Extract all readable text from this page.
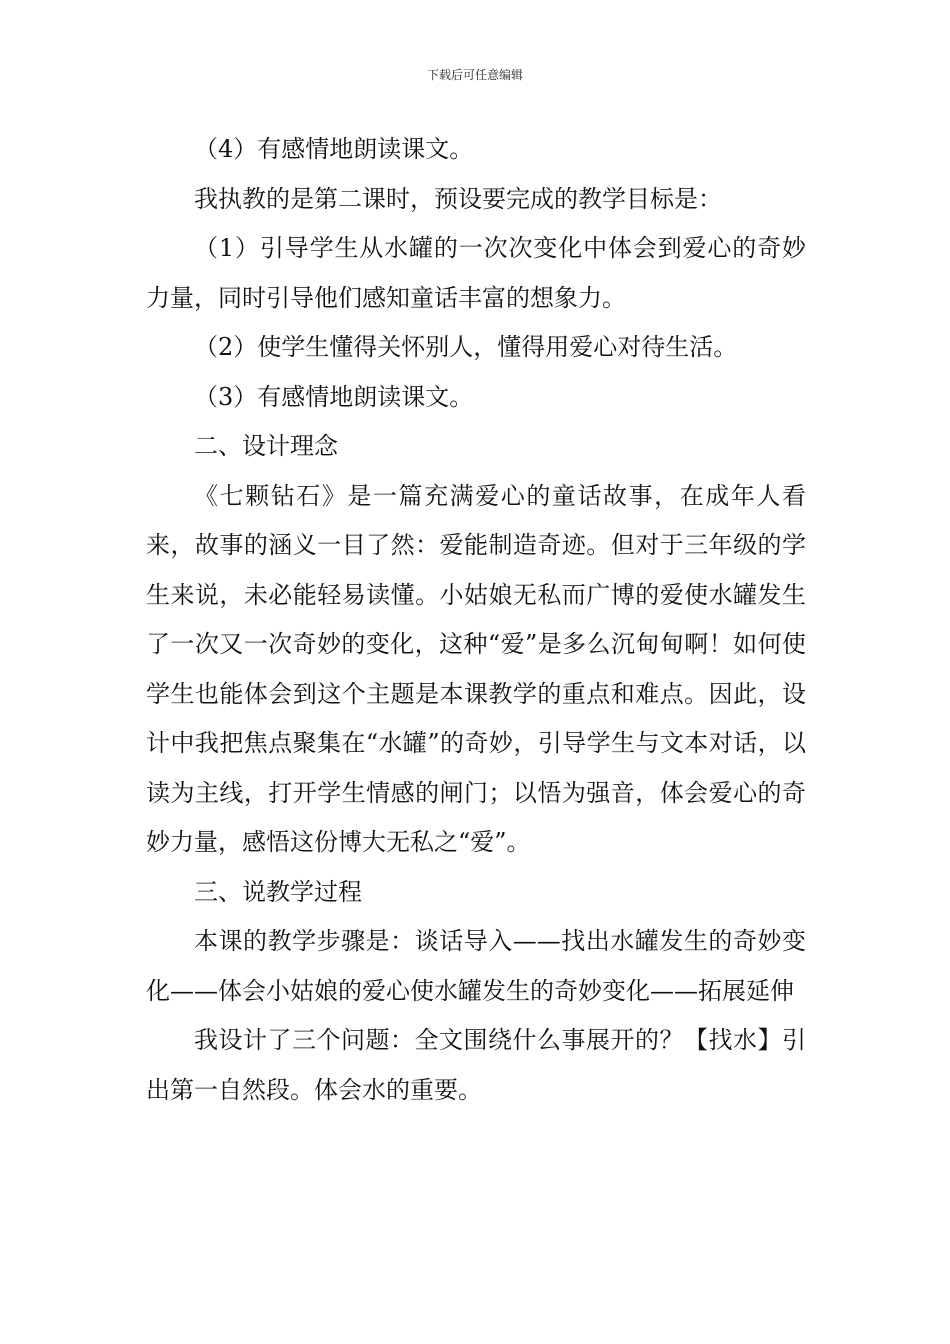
下载后可任意编辑

（4）有感情地朗读课文。

我执教的是第二课时，预设要完成的教学目标是：

（1）引导学生从水罐的一次次变化中体会到爱心的奇妙力量，同时引导他们感知童话丰富的想象力。

（2）使学生懂得关怀别人，懂得用爱心对待生活。

（3）有感情地朗读课文。

二、设计理念

《七颗钻石》是一篇充满爱心的童话故事，在成年人看来，故事的涵义一目了然：爱能制造奇迹。但对于三年级的学生来说，未必能轻易读懂。小姑娘无私而广博的爱使水罐发生了一次又一次奇妙的变化，这种“爱”是多么沉甸甸啊！如何使学生也能体会到这个主题是本课教学的重点和难点。因此，设计中我把焦点聚集在“水罐”的奇妙，引导学生与文本对话，以读为主线，打开学生情感的闸门；以悟为强音，体会爱心的奇妙力量，感悟这份博大无私之“爱”。

三、说教学过程

本课的教学步骤是：谈话导入——找出水罐发生的奇妙变化——体会小姑娘的爱心使水罐发生的奇妙变化——拓展延伸

我设计了三个问题：全文围绕什么事展开的？【找水】引出第一自然段。体会水的重要。
